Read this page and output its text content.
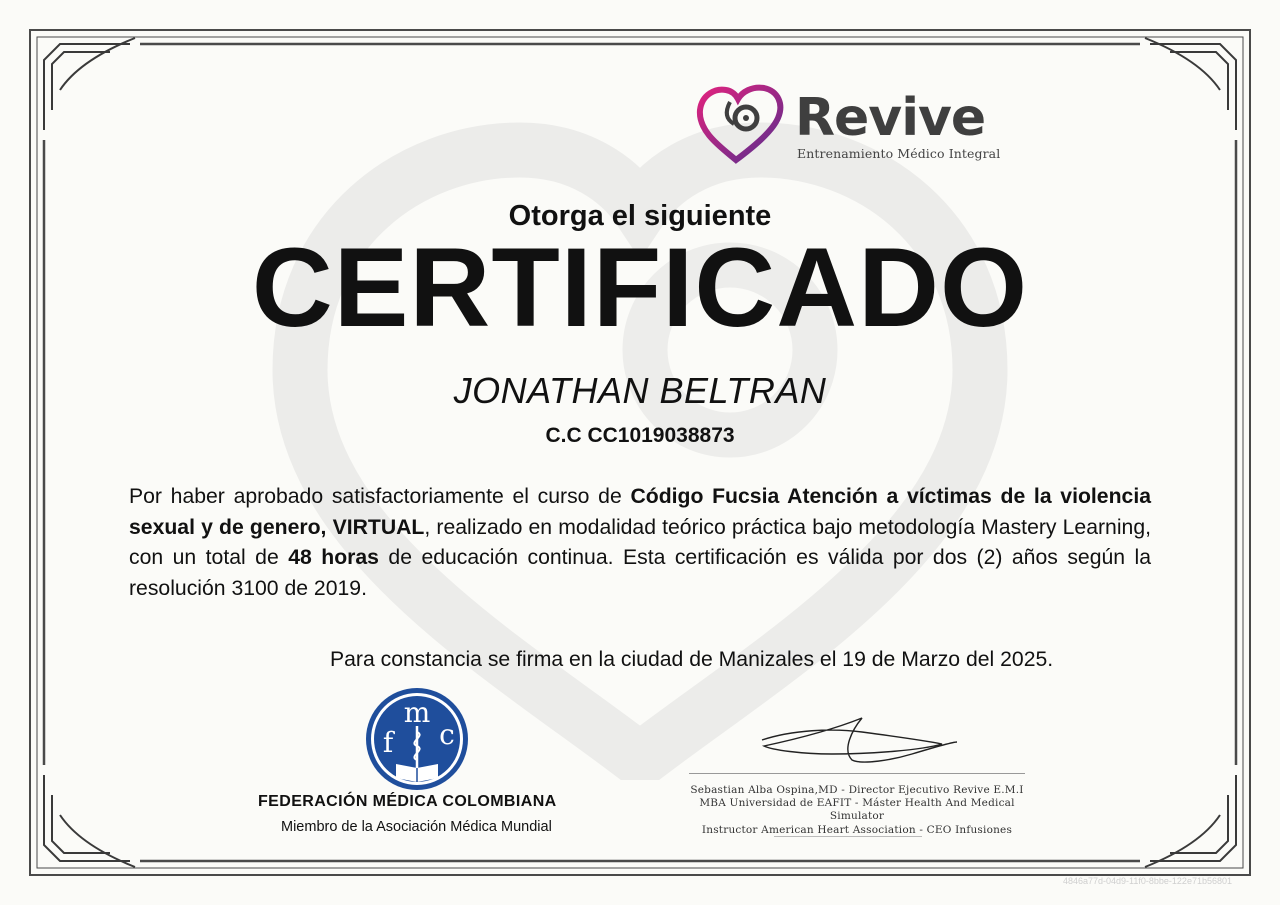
Revive
Entrenamiento Médico Integral
Otorga el siguiente
CERTIFICADO
JONATHAN BELTRAN
C.C CC1019038873
Por haber aprobado satisfactoriamente el curso de Código Fucsia Atención a víctimas de la violencia sexual y de genero, VIRTUAL, realizado en modalidad teórico práctica bajo metodología Mastery Learning, con un total de 48 horas de educación continua. Esta certificación es válida por dos (2) años según la resolución 3100 de 2019.
Para constancia se firma en la ciudad de Manizales el 19 de Marzo del 2025.
m
f c
FEDERACIÓN MÉDICA COLOMBIANA
Miembro de la Asociación Médica Mundial
Sebastian Alba Ospina,MD - Director Ejecutivo Revive E.M.I
MBA Universidad de EAFIT - Máster Health And Medical Simulator
Instructor American Heart Association - CEO Infusiones
4846a77d-04d9-11f0-8bbe-122e71b56801
